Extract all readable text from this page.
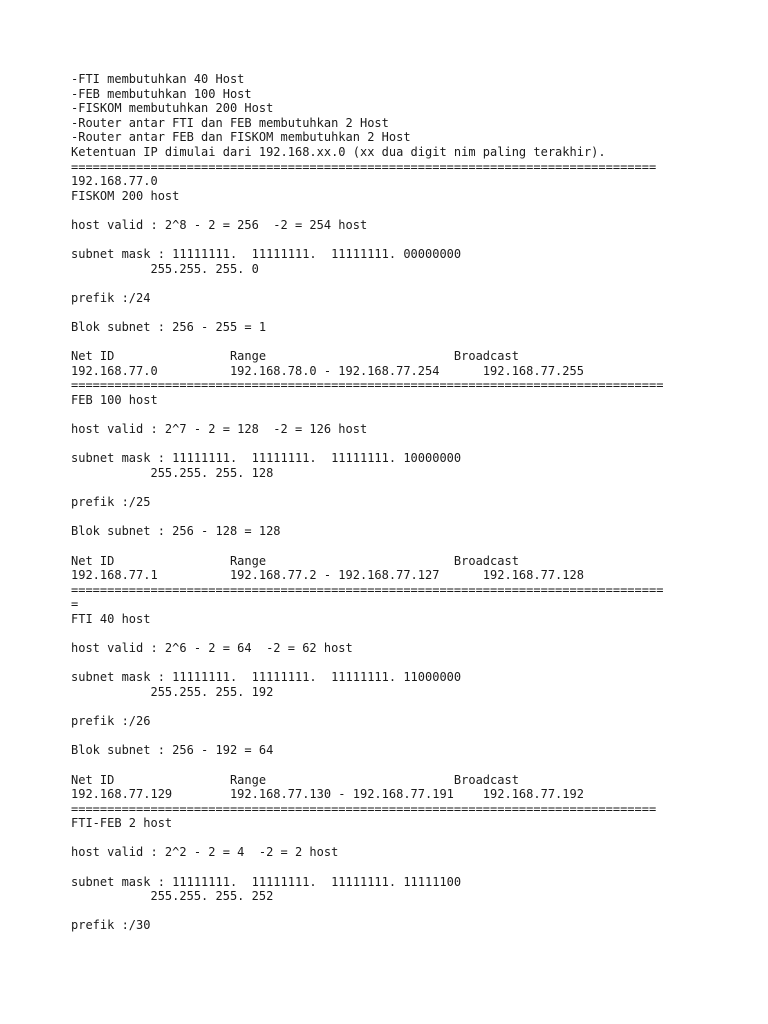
-FTI membutuhkan 40 Host
-FEB membutuhkan 100 Host
-FISKOM membutuhkan 200 Host
-Router antar FTI dan FEB membutuhkan 2 Host
-Router antar FEB dan FISKOM membutuhkan 2 Host
Ketentuan IP dimulai dari 192.168.xx.0 (xx dua digit nim paling terakhir).
=================================================================================
192.168.77.0
FISKOM 200 host
host valid : 2^8 - 2 = 256  -2 = 254 host
subnet mask : 11111111.  11111111.  11111111. 00000000
255.255. 255. 0
prefik :/24
Blok subnet : 256 - 255 = 1
Net ID                Range                          Broadcast
192.168.77.0          192.168.78.0 - 192.168.77.254      192.168.77.255
==================================================================================
FEB 100 host
host valid : 2^7 - 2 = 128  -2 = 126 host
subnet mask : 11111111.  11111111.  11111111. 10000000
255.255. 255. 128
prefik :/25
Blok subnet : 256 - 128 = 128
Net ID                Range                          Broadcast
192.168.77.1          192.168.77.2 - 192.168.77.127      192.168.77.128
==================================================================================
=
FTI 40 host
host valid : 2^6 - 2 = 64  -2 = 62 host
subnet mask : 11111111.  11111111.  11111111. 11000000
255.255. 255. 192
prefik :/26
Blok subnet : 256 - 192 = 64
Net ID                Range                          Broadcast
192.168.77.129        192.168.77.130 - 192.168.77.191    192.168.77.192
=================================================================================
FTI-FEB 2 host
host valid : 2^2 - 2 = 4  -2 = 2 host
subnet mask : 11111111.  11111111.  11111111. 11111100
255.255. 255. 252
prefik :/30
